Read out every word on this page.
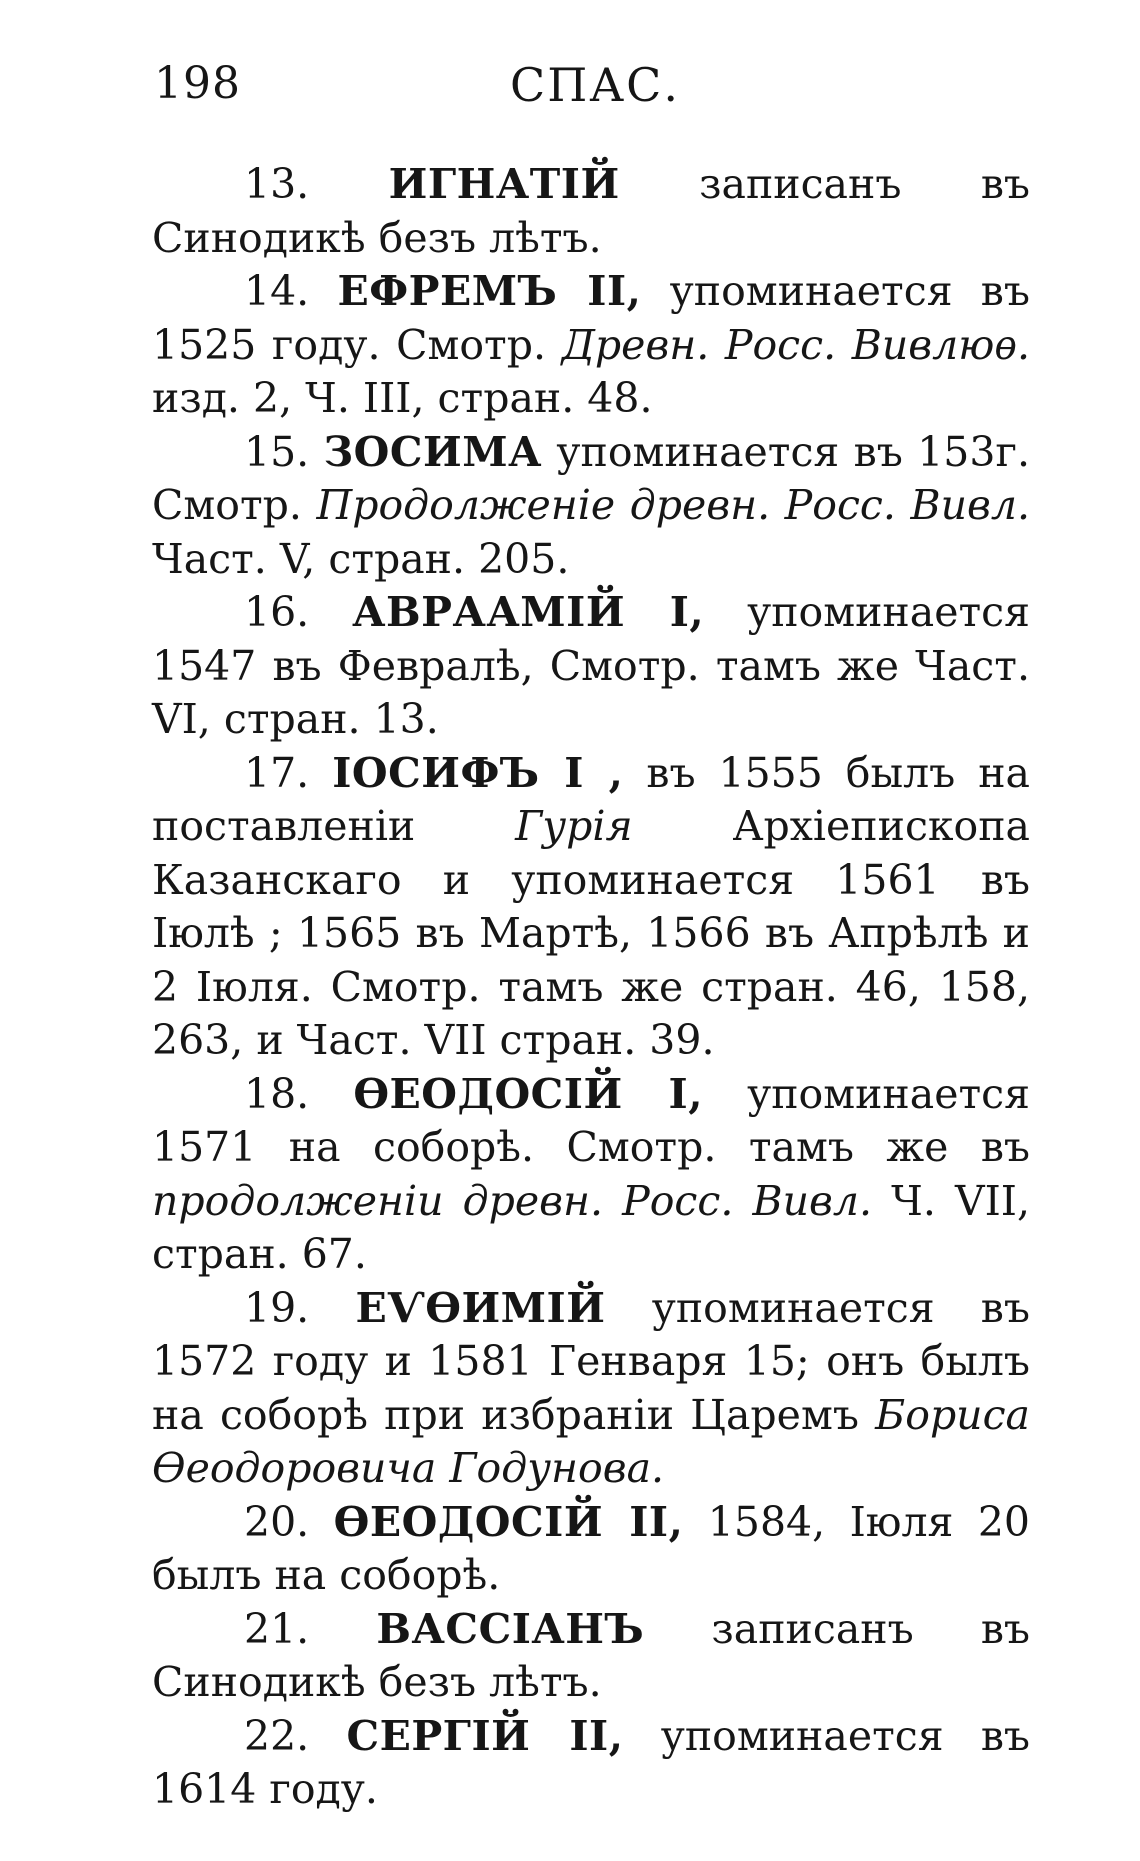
198	СПАС.

13. ИГНАТІЙ записанъ въ Синодикѣ безъ лѣтъ.

14. ЕФРЕМЪ II, упоминается въ 1525 году. Смотр. Древн. Росс. Вивлюѳ. изд. 2, Ч. III, стран. 48.

15. ЗОСИМА упоминается въ 153г. Смотр. Продолженіе древн. Росс. Вивл. Част. V, стран. 205.

16. АВРААМІЙ I, упоминается 1547 въ Февралѣ, Смотр. тамъ же Част. VI, стран. 13.

17. ІОСИФЪ I , въ 1555 былъ на поставленіи Гурія Архіепископа Казанскаго и упоминается 1561 въ Іюлѣ ; 1565 въ Мартѣ, 1566 въ Апрѣлѣ и 2 Іюля. Смотр. тамъ же стран. 46, 158, 263, и Част. VII стран. 39.

18. ѲЕОДОСІЙ I, упоминается 1571 на соборѣ. Смотр. тамъ же въ продолженіи древн. Росс. Вивл. Ч. VII, стран. 67.

19. ЕѴѲИМІЙ упоминается въ 1572 году и 1581 Генваря 15; онъ былъ на соборѣ при избраніи Царемъ Бориса Ѳеодоровича Годунова.

20. ѲЕОДОСІЙ II, 1584, Іюля 20 былъ на соборѣ.

21. ВАССІАНЪ записанъ въ Синодикѣ безъ лѣтъ.

22. СЕРГІЙ II, упоминается въ 1614 году.
